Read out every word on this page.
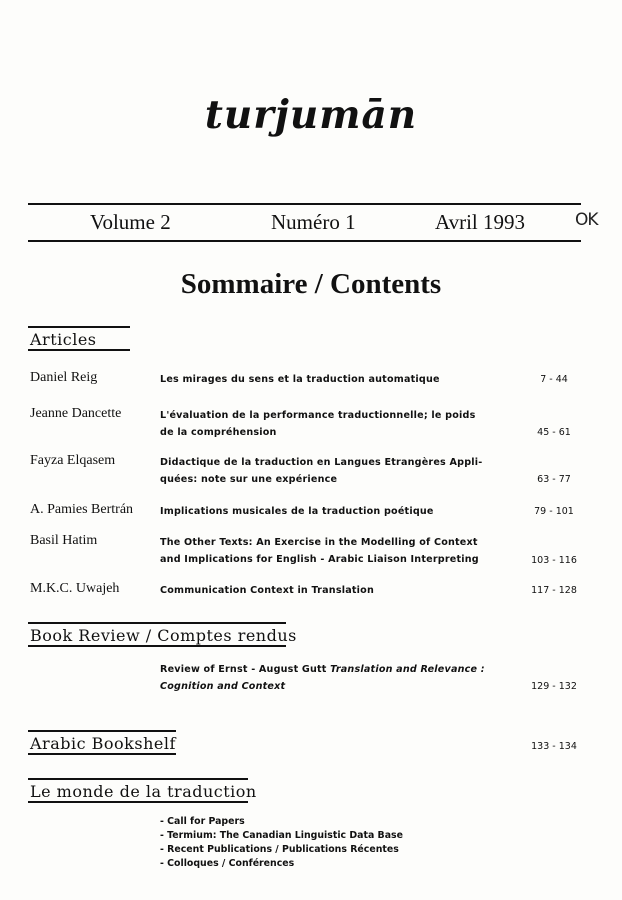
turjumān
Volume 2	Numéro 1	Avril 1993	OK
Sommaire / Contents
Articles
Daniel Reig	Les mirages du sens et la traduction automatique	7 - 44
Jeanne Dancette	L'évaluation de la performance traductionnelle; le poids
de la compréhension	45 - 61
Fayza Elqasem	Didactique de la traduction en Langues Etrangères Appli-
quées: note sur une expérience	63 - 77
A. Pamies Bertrán	Implications musicales de la traduction poétique	79 - 101
Basil Hatim	The Other Texts: An Exercise in the Modelling of Context
and Implications for English - Arabic Liaison Interpreting	103 - 116
M.K.C. Uwajeh	Communication Context in Translation	117 - 128
Book Review / Comptes rendus
Review of Ernst - August Gutt Translation and Relevance :
Cognition and Context	129 - 132
Arabic Bookshelf	133 - 134
Le monde de la traduction
- Call for Papers
- Termium: The Canadian Linguistic Data Base
- Recent Publications / Publications Récentes
- Colloques / Conférences
